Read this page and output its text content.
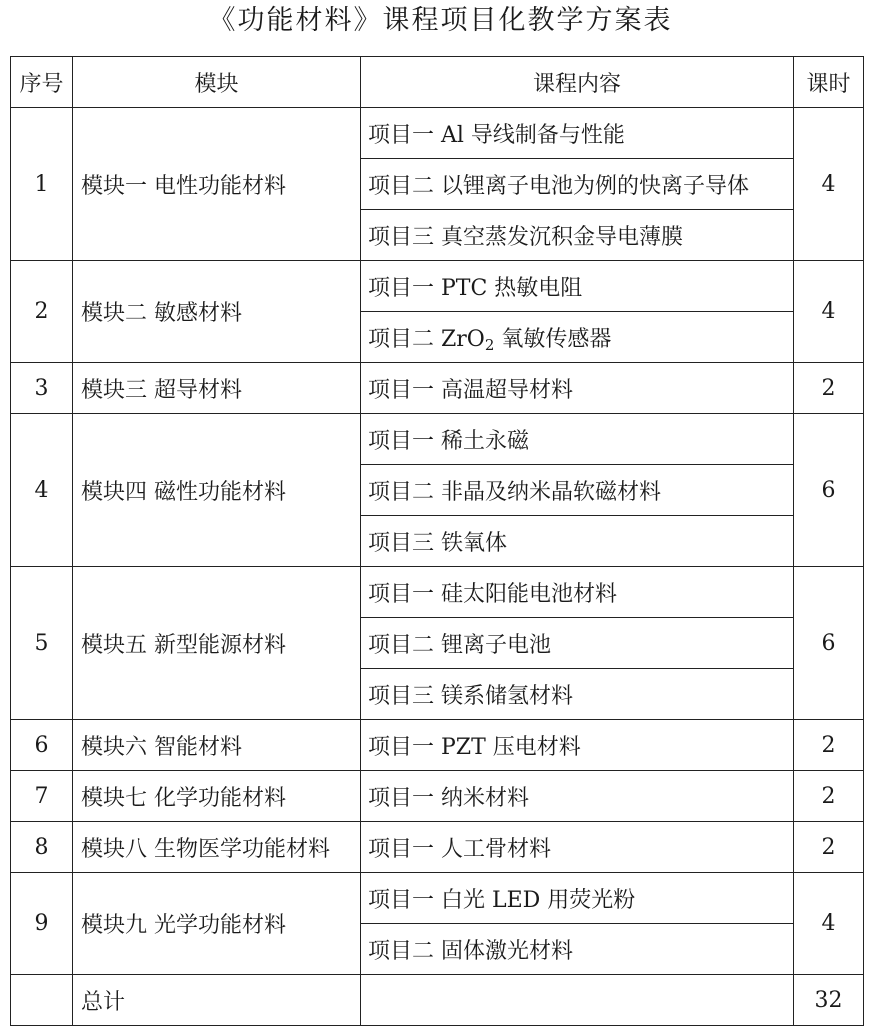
《功能材料》课程项目化教学方案表
序号	模块	课程内容	课时
1	模块一 电性功能材料	项目一 Al 导线制备与性能	4
		项目二 以锂离子电池为例的快离子导体	
		项目三 真空蒸发沉积金导电薄膜	
2	模块二 敏感材料	项目一 PTC 热敏电阻	4
		项目二 ZrO$_2$ 氧敏传感器	
3	模块三 超导材料	项目一 高温超导材料	2
4	模块四 磁性功能材料	项目一 稀土永磁	6
		项目二 非晶及纳米晶软磁材料	
		项目三 铁氧体	
5	模块五 新型能源材料	项目一 硅太阳能电池材料	6
		项目二 锂离子电池	
		项目三 镁系储氢材料	
6	模块六 智能材料	项目一 PZT 压电材料	2
7	模块七 化学功能材料	项目一 纳米材料	2
8	模块八 生物医学功能材料	项目一 人工骨材料	2
9	模块九 光学功能材料	项目一 白光 LED 用荧光粉	4
		项目二 固体激光材料	
	总计		32
